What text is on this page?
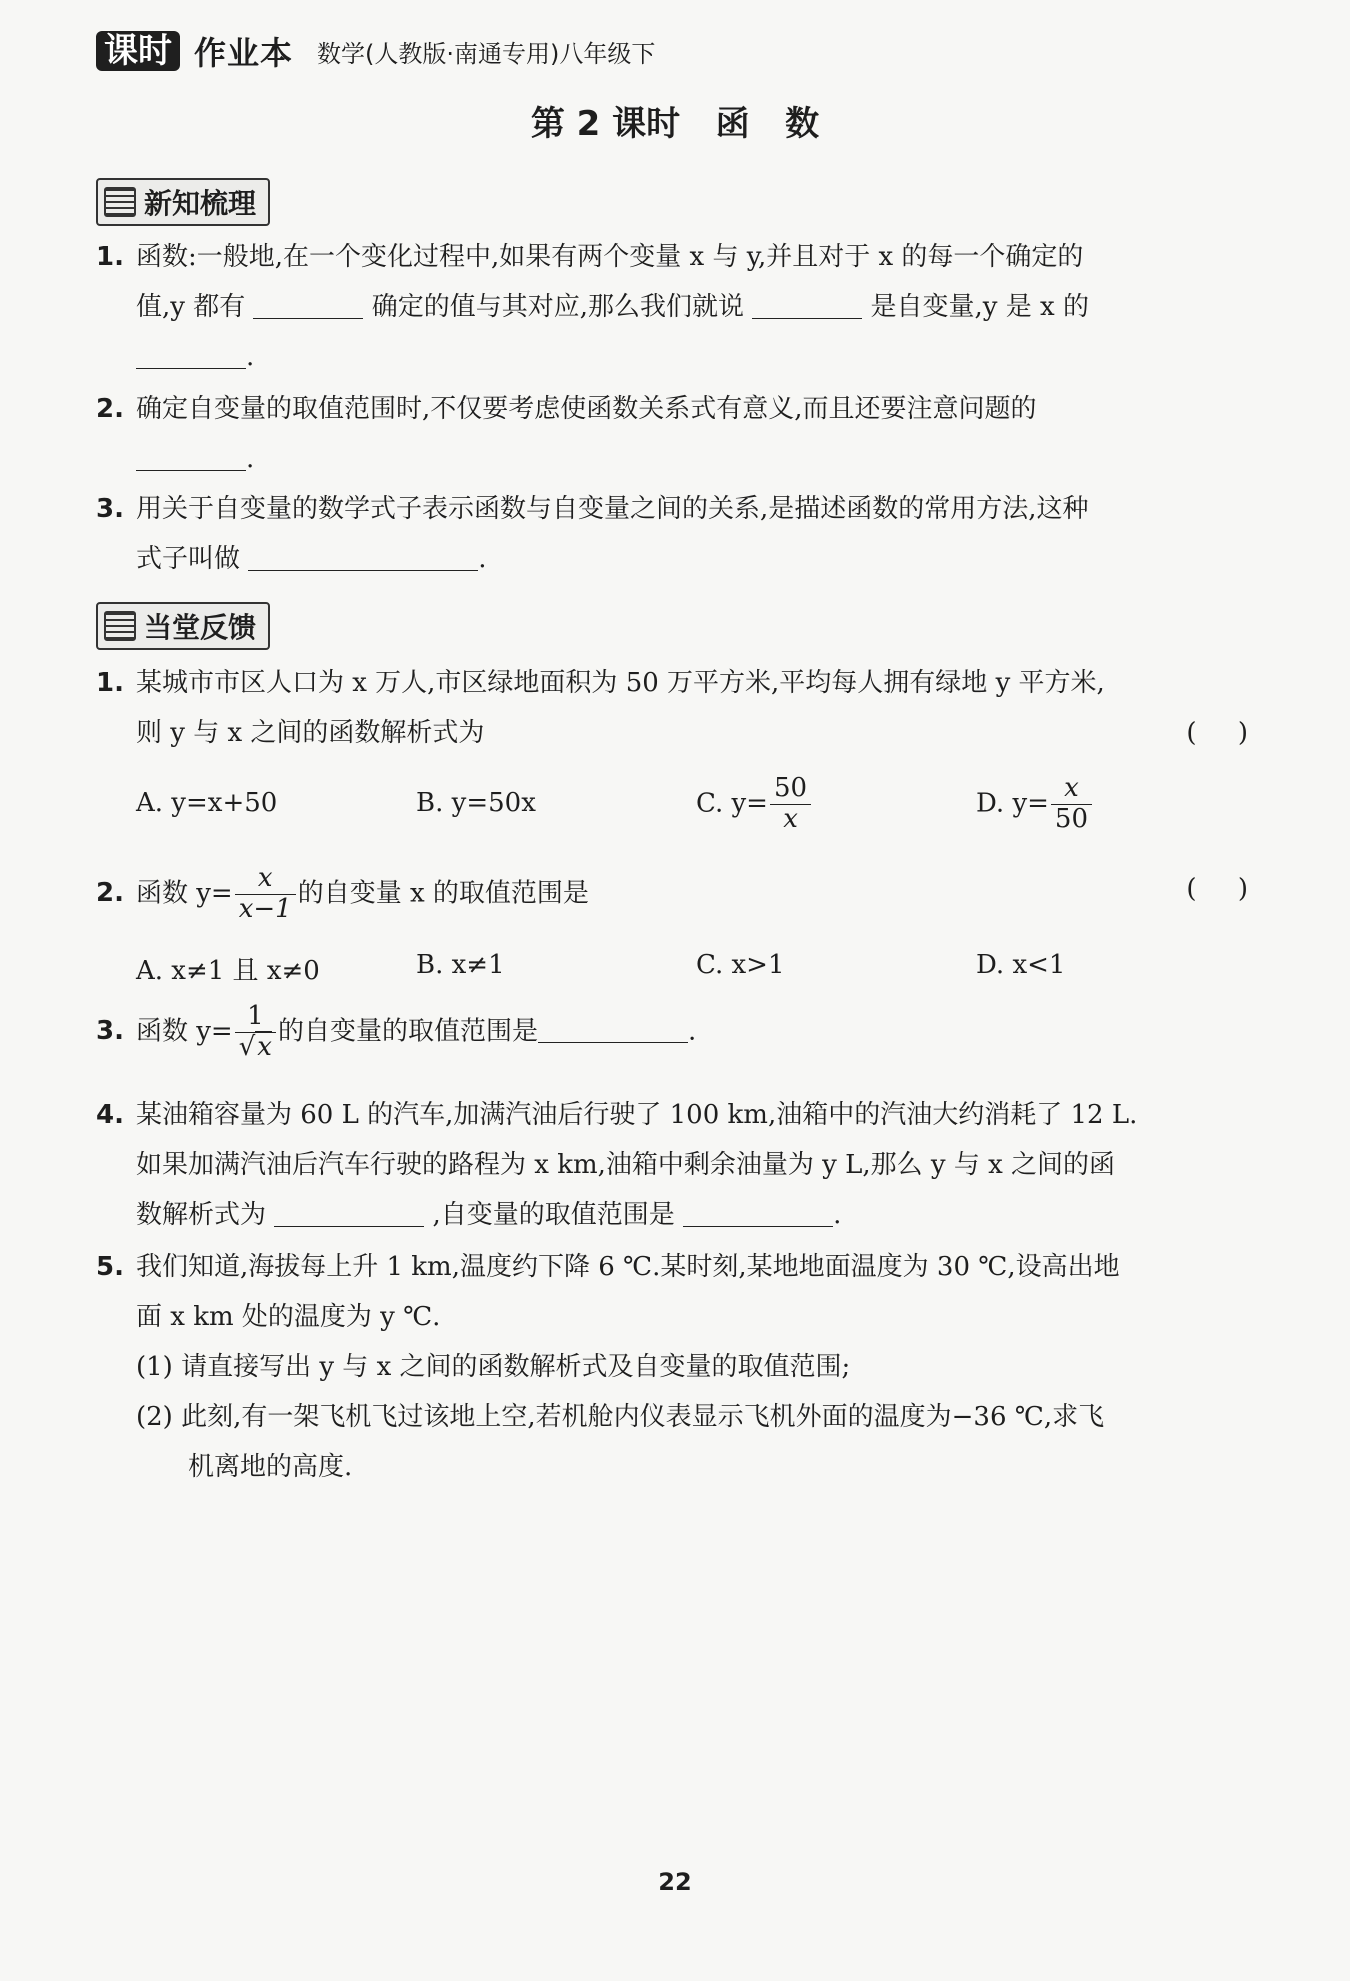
课时 作业本 数学(人教版·南通专用)八年级下
第 2 课时   函   数
新知梳理
1. 函数:一般地,在一个变化过程中,如果有两个变量 x 与 y,并且对于 x 的每一个确定的
值,y 都有	确定的值与其对应,那么我们就说	是自变量,y 是 x 的
.
2. 确定自变量的取值范围时,不仅要考虑使函数关系式有意义,而且还要注意问题的
.
3. 用关于自变量的数学式子表示函数与自变量之间的关系,是描述函数的常用方法,这种
式子叫做	.
当堂反馈
1. 某城市市区人口为 x 万人,市区绿地面积为 50 万平方米,平均每人拥有绿地 y 平方米,
则 y 与 x 之间的函数解析式为	(     )
A. y=x+50	B. y=50x	C. $y= \frac{50}{x}$	D. $y= \frac{x}{50}$
2. 函数 $y= \frac{x}{x-1}$ 的自变量 x 的取值范围是	(     )
A. x≠1 且 x≠0	B. x≠1	C. x>1	D. x<1
3. 函数 $y= \frac{1}{√x}$ 的自变量的取值范围是	.
4. 某油箱容量为 60 L 的汽车,加满汽油后行驶了 100 km,油箱中的汽油大约消耗了 12 L.
如果加满汽油后汽车行驶的路程为 x km,油箱中剩余油量为 y L,那么 y 与 x 之间的函
数解析式为	,自变量的取值范围是	.
5. 我们知道,海拔每上升 1 km,温度约下降 6 ℃.某时刻,某地地面温度为 30 ℃,设高出地
面 x km 处的温度为 y ℃.
(1) 请直接写出 y 与 x 之间的函数解析式及自变量的取值范围;
(2) 此刻,有一架飞机飞过该地上空,若机舱内仪表显示飞机外面的温度为−36 ℃,求飞
机离地的高度.
22
